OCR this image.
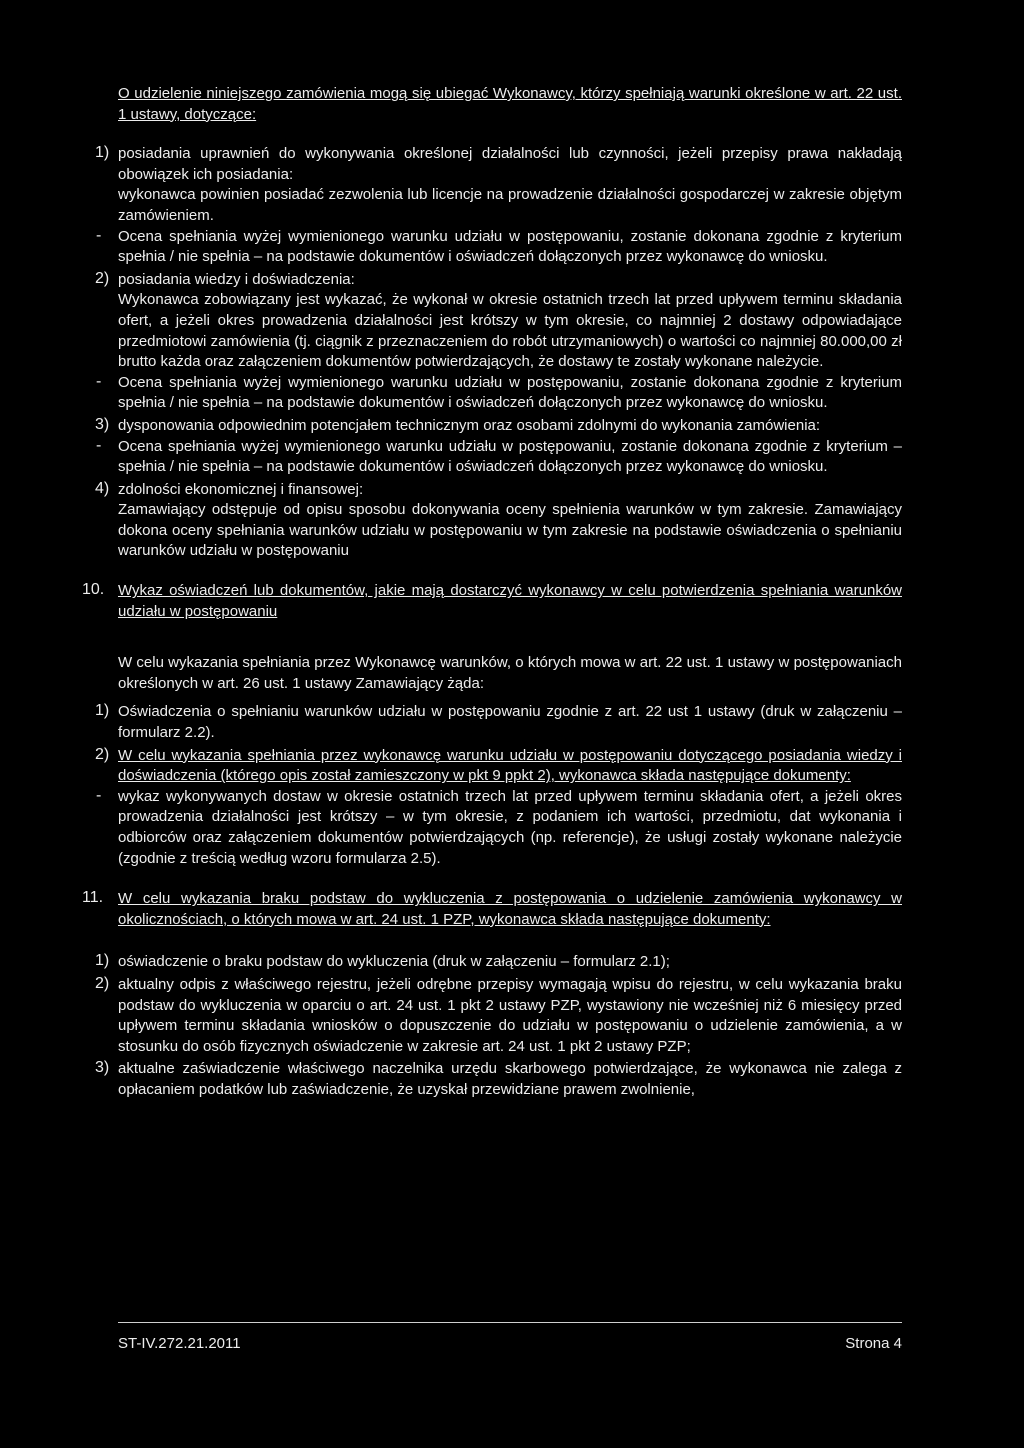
O udzielenie niniejszego zamówienia mogą się ubiegać Wykonawcy, którzy spełniają warunki określone w art. 22 ust. 1 ustawy, dotyczące:

1) posiadania uprawnień do wykonywania określonej działalności lub czynności, jeżeli przepisy prawa nakładają obowiązek ich posiadania:

wykonawca powinien posiadać zezwolenia lub licencje na prowadzenie działalności gospodarczej w zakresie objętym zamówieniem.

- Ocena spełniania wyżej wymienionego warunku udziału w postępowaniu, zostanie dokonana zgodnie z kryterium spełnia / nie spełnia – na podstawie dokumentów i oświadczeń dołączonych przez wykonawcę do wniosku.

2) posiadania wiedzy i doświadczenia:

Wykonawca zobowiązany jest wykazać, że wykonał w okresie ostatnich trzech lat przed upływem terminu składania ofert, a jeżeli okres prowadzenia działalności jest krótszy w tym okresie, co najmniej 2 dostawy odpowiadające przedmiotowi zamówienia (tj. ciągnik z przeznaczeniem do robót utrzymaniowych) o wartości co najmniej 80.000,00 zł brutto każda oraz załączeniem dokumentów potwierdzających, że dostawy te zostały wykonane należycie.

- Ocena spełniania wyżej wymienionego warunku udziału w postępowaniu, zostanie dokonana zgodnie z kryterium spełnia / nie spełnia – na podstawie dokumentów i oświadczeń dołączonych przez wykonawcę do wniosku.

3) dysponowania odpowiednim potencjałem technicznym oraz osobami zdolnymi do wykonania zamówienia:

- Ocena spełniania wyżej wymienionego warunku udziału w postępowaniu, zostanie dokonana zgodnie z kryterium – spełnia / nie spełnia – na podstawie dokumentów i oświadczeń dołączonych przez wykonawcę do wniosku.

4) zdolności ekonomicznej i finansowej:

Zamawiający odstępuje od opisu sposobu dokonywania oceny spełnienia warunków w tym zakresie. Zamawiający dokona oceny spełniania warunków udziału w postępowaniu w tym zakresie na podstawie oświadczenia o spełnianiu warunków udziału w postępowaniu

10. Wykaz oświadczeń lub dokumentów, jakie mają dostarczyć wykonawcy w celu potwierdzenia spełniania warunków udziału w postępowaniu

W celu wykazania spełniania przez Wykonawcę warunków, o których mowa w art. 22 ust. 1 ustawy w postępowaniach określonych w art. 26 ust. 1 ustawy Zamawiający żąda:

1) Oświadczenia o spełnianiu warunków udziału w postępowaniu zgodnie z art. 22 ust 1 ustawy (druk w załączeniu – formularz 2.2).

2) W celu wykazania spełniania przez wykonawcę warunku udziału w postępowaniu dotyczącego posiadania wiedzy i doświadczenia (którego opis został zamieszczony w pkt 9 ppkt 2), wykonawca składa następujące dokumenty:

- wykaz wykonywanych dostaw w okresie ostatnich trzech lat przed upływem terminu składania ofert, a jeżeli okres prowadzenia działalności jest krótszy – w tym okresie, z podaniem ich wartości, przedmiotu, dat wykonania i odbiorców oraz załączeniem dokumentów potwierdzających (np. referencje), że usługi zostały wykonane należycie (zgodnie z treścią według wzoru formularza 2.5).

11. W celu wykazania braku podstaw do wykluczenia z postępowania o udzielenie zamówienia wykonawcy w okolicznościach, o których mowa w art. 24 ust. 1 PZP, wykonawca składa następujące dokumenty:

1) oświadczenie o braku podstaw do wykluczenia (druk w załączeniu – formularz 2.1);

2) aktualny odpis z właściwego rejestru, jeżeli odrębne przepisy wymagają wpisu do rejestru, w celu wykazania braku podstaw do wykluczenia w oparciu o art. 24 ust. 1 pkt 2 ustawy PZP, wystawiony nie wcześniej niż 6 miesięcy przed upływem terminu składania wniosków o dopuszczenie do udziału w postępowaniu o udzielenie zamówienia, a w stosunku do osób fizycznych oświadczenie w zakresie art. 24 ust. 1 pkt 2 ustawy PZP;

3) aktualne zaświadczenie właściwego naczelnika urzędu skarbowego potwierdzające, że wykonawca nie zalega z opłacaniem podatków lub zaświadczenie, że uzyskał przewidziane prawem zwolnienie,

ST-IV.272.21.2011	Strona 4
